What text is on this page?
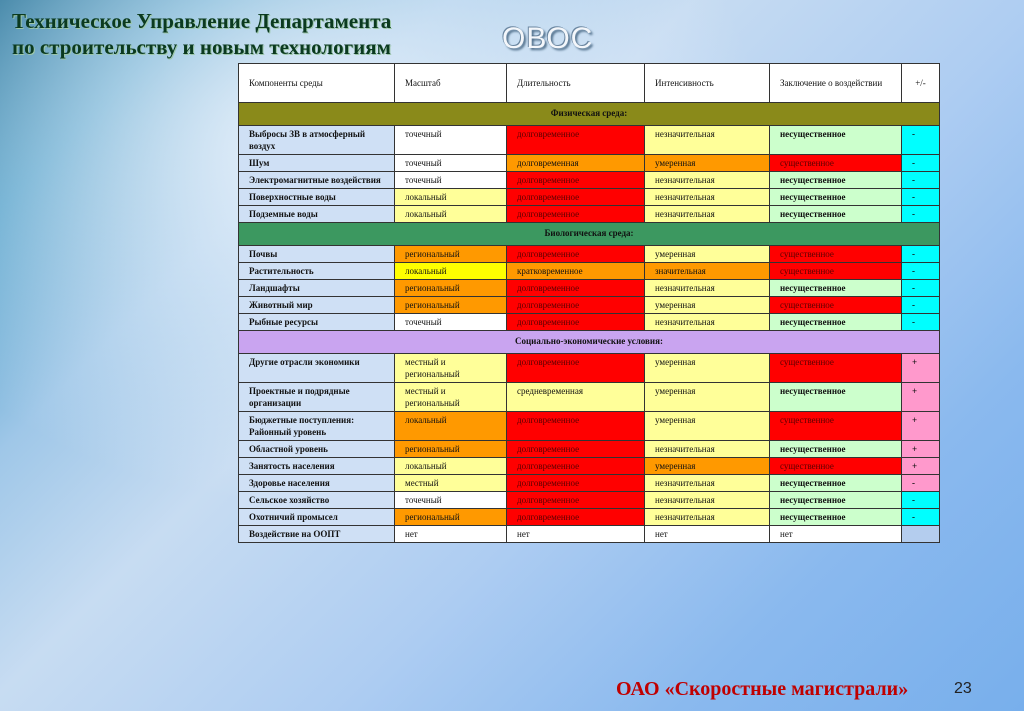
Техническое Управление Департамента по строительству и новым технологиям	ОВОС
Компоненты среды	Масштаб	Длительность	Интенсивность	Заключение о воздействии	+/-
Физическая среда:					
Выбросы ЗВ в атмосферный воздух	точечный	долговременное	незначительная	несущественное	-
Шум	точечный	долговременная	умеренная	существенное	-
Электромагнитные воздействия	точечный	долговременное	незначительная	несущественное	-
Поверхностные воды	локальный	долговременное	незначительная	несущественное	-
Подземные воды	локальный	долговременное	незначительная	несущественное	-
Биологическая среда:					
Почвы	региональный	долговременное	умеренная	существенное	-
Растительность	локальный	кратковременное	значительная	существенное	-
Ландшафты	региональный	долговременное	незначительная	несущественное	-
Животный мир	региональный	долговременное	умеренная	существенное	-
Рыбные ресурсы	точечный	долговременное	незначительная	несущественное	-
Социально-экономические условия:					
Другие отрасли экономики	местный и региональный	долговременное	умеренная	существенное	+
Проектные и подрядные организации	местный и региональный	средневременная	умеренная	несущественное	+
Бюджетные поступления: Районный уровень	локальный	долговременное	умеренная	существенное	+
Областной уровень	региональный	долговременное	незначительная	несущественное	+
Занятость населения	локальный	долговременное	умеренная	существенное	+
Здоровье населения	местный	долговременное	незначительная	несущественное	-
Сельское хозяйство	точечный	долговременное	незначительная	несущественное	-
Охотничий промысел	региональный	долговременное	незначительная	несущественное	-
Воздействие на ООПТ	нет	нет	нет	нет	
ОАО «Скоростные магистрали»	23
